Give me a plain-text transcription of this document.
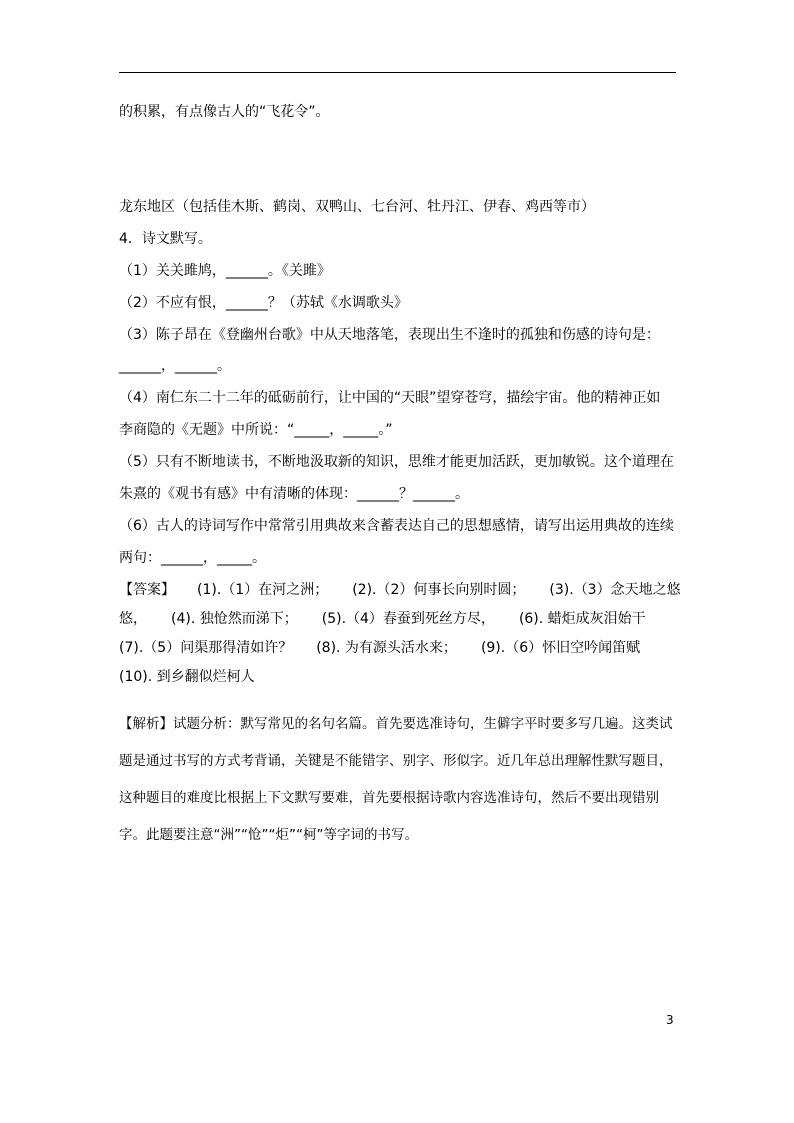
的积累，有点像古人的“飞花令”。
龙东地区（包括佳木斯、鹤岗、双鸭山、七台河、牡丹江、伊春、鸡西等市）
4．诗文默写。
（1）关关雎鸠，______。《关雎》
（2）不应有恨，______？（苏轼《水调歌头》
（3）陈子昂在《登幽州台歌》中从天地落笔，表现出生不逢时的孤独和伤感的诗句是：
______，______。
（4）南仁东二十二年的砥砺前行，让中国的“天眼”望穿苍穹，描绘宇宙。他的精神正如
李商隐的《无题》中所说：“_____，_____。”
（5）只有不断地读书，不断地汲取新的知识，思维才能更加活跃，更加敏锐。这个道理在
朱熹的《观书有感》中有清晰的体现：______？______。
（6）古人的诗词写作中常常引用典故来含蓄表达自己的思想感情，请写出运用典故的连续
两句：______，_____。
【答案】 (1).（1）在河之洲； (2).（2）何事长向别时圆； (3).（3）念天地之悠悠， (4). 独怆然而涕下； (5).（4）春蚕到死丝方尽， (6). 蜡炬成灰泪始干(7).（5）问渠那得清如许？ (8). 为有源头活水来； (9).（6）怀旧空吟闻笛赋(10). 到乡翻似烂柯人
【解析】试题分析：默写常见的名句名篇。首先要选准诗句，生僻字平时要多写几遍。这类试题是通过书写的方式考背诵，关键是不能错字、别字、形似字。近几年总出理解性默写题目，这种题目的难度比根据上下文默写要难，首先要根据诗歌内容选准诗句，然后不要出现错别字。此题要注意“洲”“怆”“炬”“柯”等字词的书写。
3
